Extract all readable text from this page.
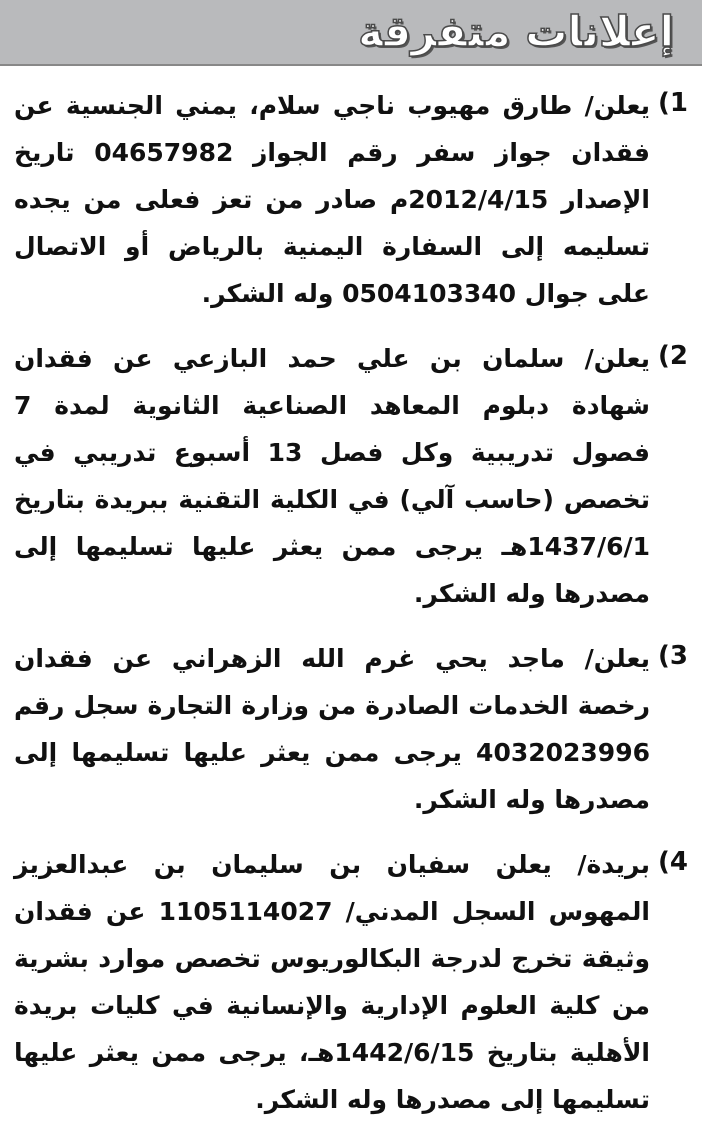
إعلانات متفرقة
1)
يعلن/ طارق مهيوب ناجي سلام، يمني الجنسية عن فقدان جواز سفر رقم الجواز 04657982 تاريخ الإصدار 2012/4/15م صادر من تعز فعلى من يجده تسليمه إلى السفارة اليمنية بالرياض أو الاتصال على جوال 0504103340 وله الشكر.
2)
يعلن/ سلمان بن علي حمد البازعي عن فقدان شهادة دبلوم المعاهد الصناعية الثانوية لمدة 7 فصول تدريبية وكل فصل 13 أسبوع تدريبي في تخصص (حاسب آلي) في الكلية التقنية ببريدة بتاريخ 1437/6/1هـ يرجى ممن يعثر عليها تسليمها إلى مصدرها وله الشكر.
3)
يعلن/ ماجد يحي غرم الله الزهراني عن فقدان رخصة الخدمات الصادرة من وزارة التجارة سجل رقم 4032023996 يرجى ممن يعثر عليها تسليمها إلى مصدرها وله الشكر.
4)
بريدة/ يعلن سفيان بن سليمان بن عبدالعزيز المهوس السجل المدني/ 1105114027 عن فقدان وثيقة تخرج لدرجة البكالوريوس تخصص موارد بشرية من كلية العلوم الإدارية والإنسانية في كليات بريدة الأهلية بتاريخ 1442/6/15هـ، يرجى ممن يعثر عليها تسليمها إلى مصدرها وله الشكر.
